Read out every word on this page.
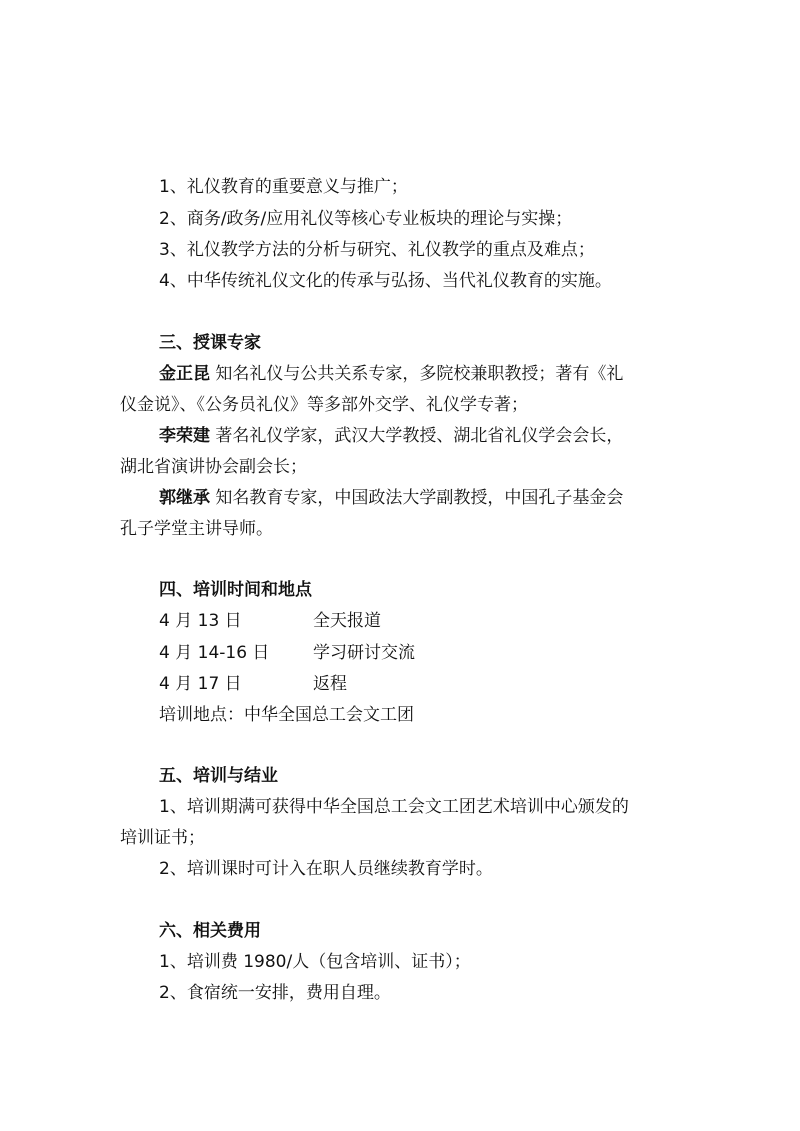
1、礼仪教育的重要意义与推广；
2、商务/政务/应用礼仪等核心专业板块的理论与实操；
3、礼仪教学方法的分析与研究、礼仪教学的重点及难点；
4、中华传统礼仪文化的传承与弘扬、当代礼仪教育的实施。
三、授课专家
金正昆 知名礼仪与公共关系专家，多院校兼职教授；著有《礼
仪金说》、《公务员礼仪》等多部外交学、礼仪学专著；
李荣建 著名礼仪学家，武汉大学教授、湖北省礼仪学会会长，
湖北省演讲协会副会长；
郭继承 知名教育专家，中国政法大学副教授，中国孔子基金会
孔子学堂主讲导师。
四、培训时间和地点
4 月 13 日	全天报道
4 月 14-16 日	学习研讨交流
4 月 17 日	返程
培训地点：中华全国总工会文工团
五、培训与结业
1、培训期满可获得中华全国总工会文工团艺术培训中心颁发的
培训证书；
2、培训课时可计入在职人员继续教育学时。
六、相关费用
1、培训费 1980/人（包含培训、证书）；
2、食宿统一安排，费用自理。
